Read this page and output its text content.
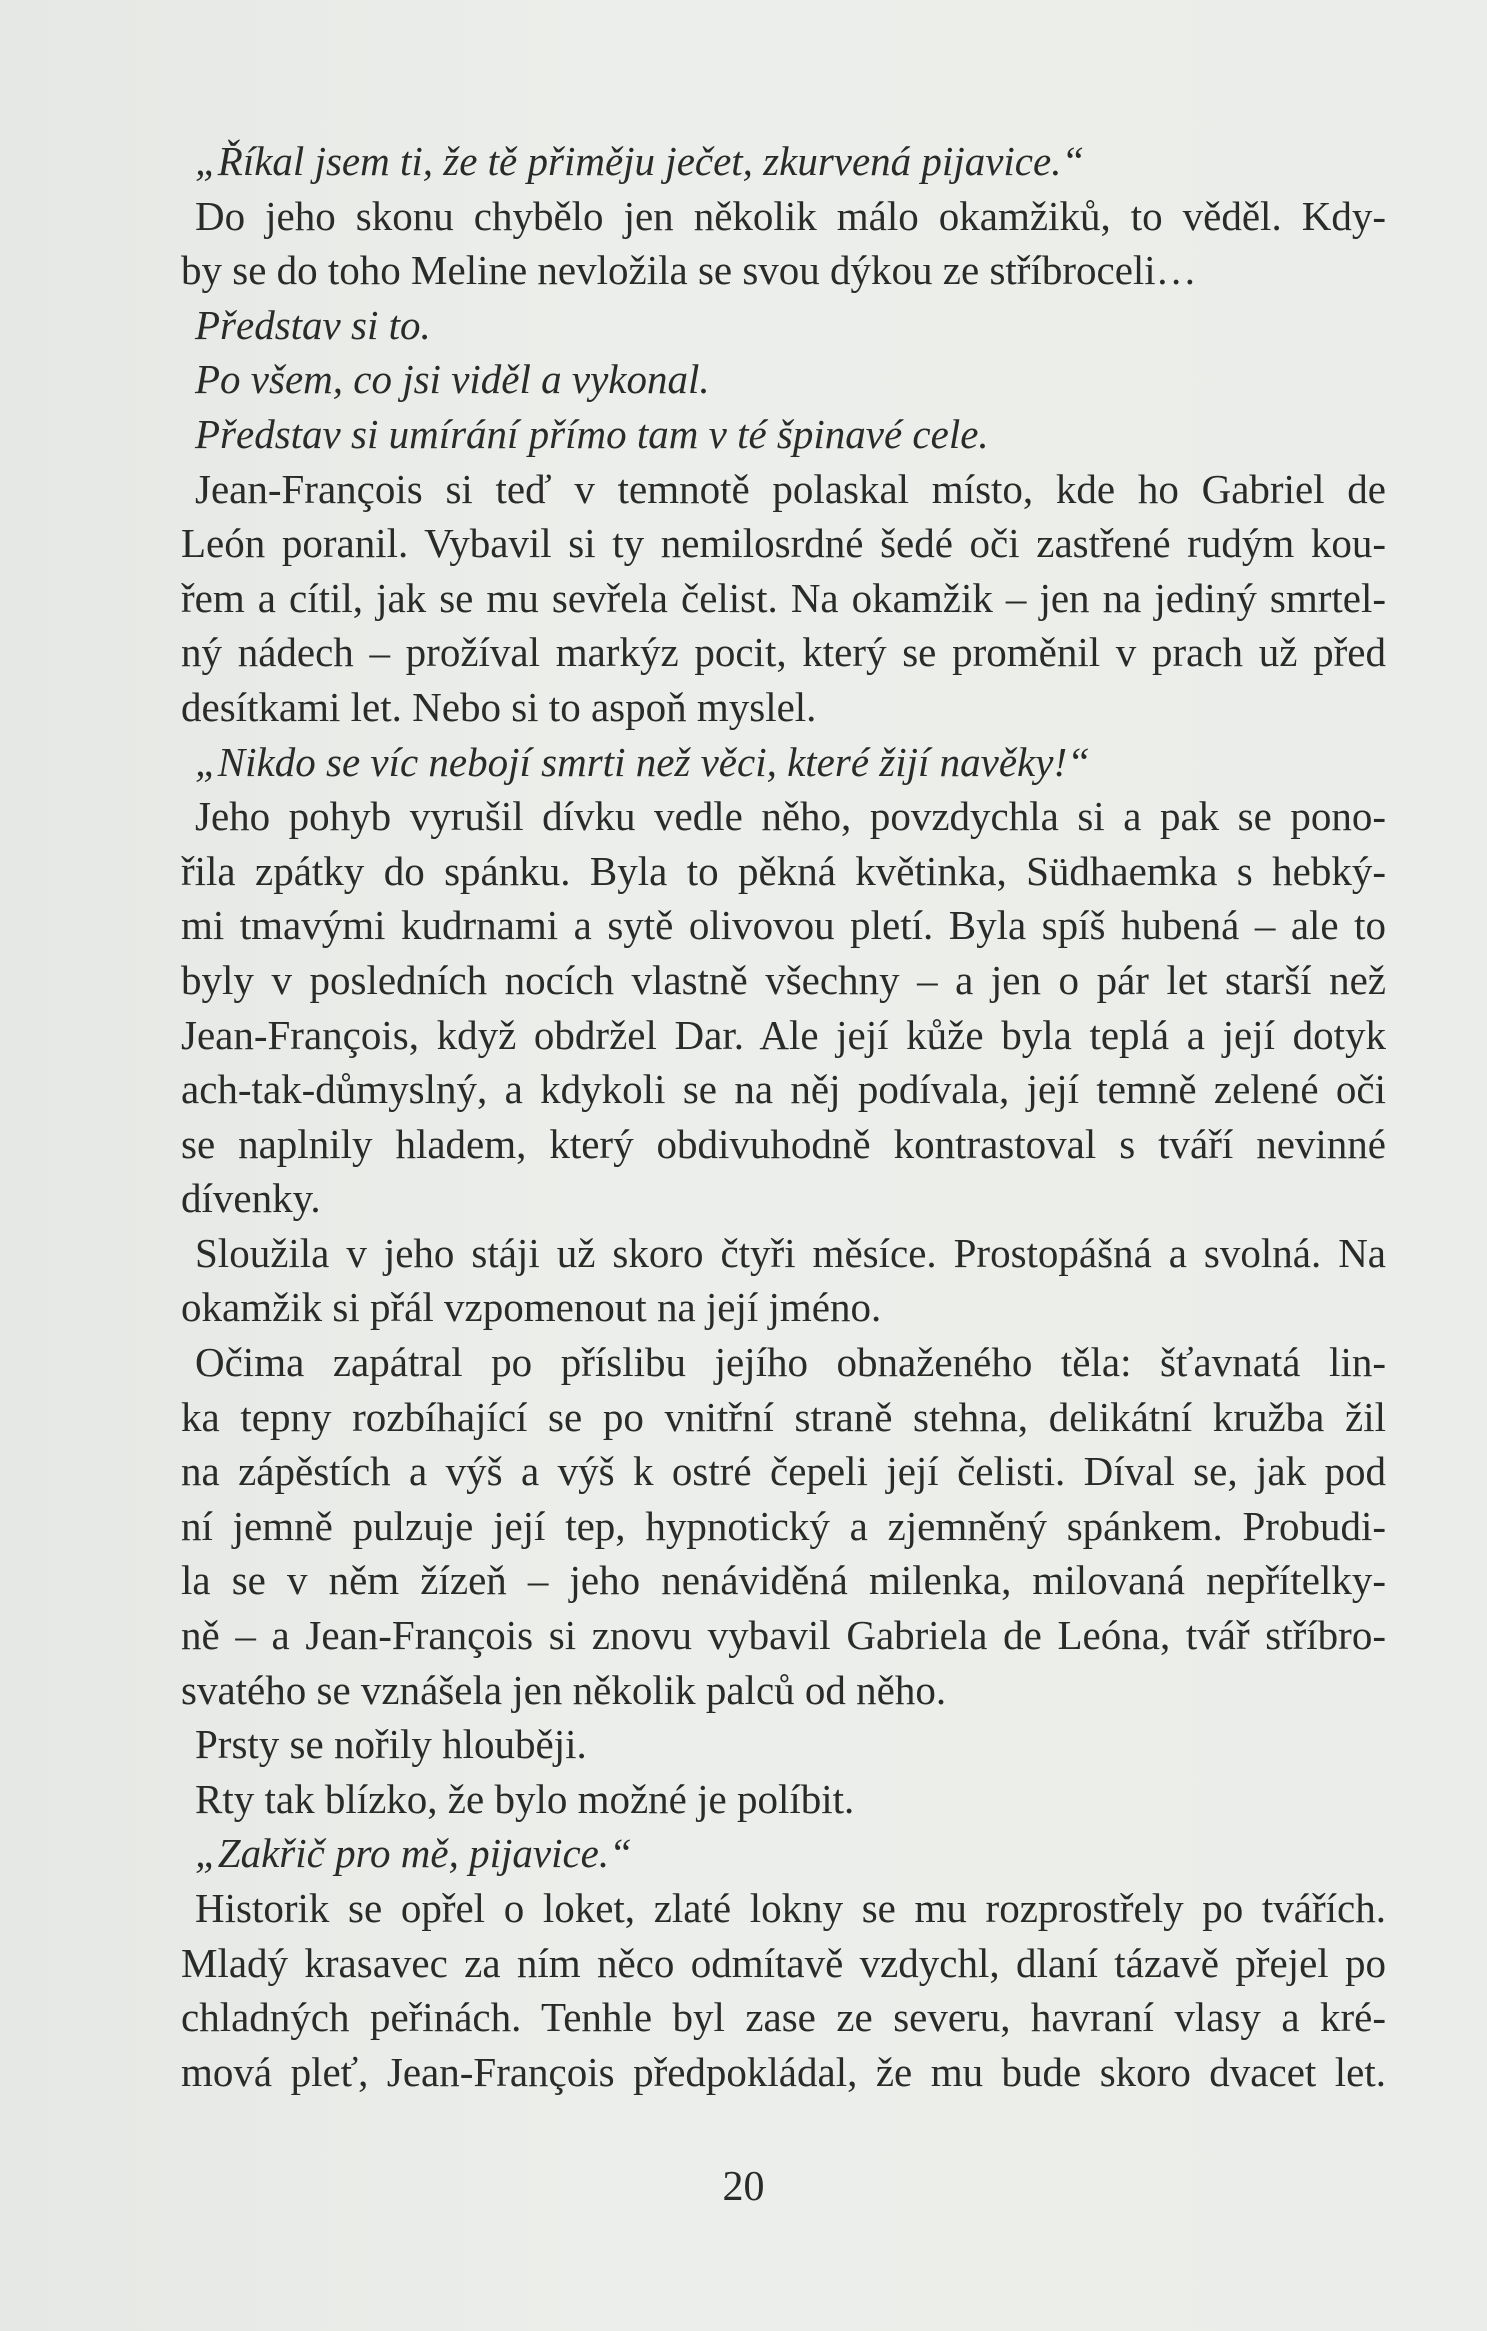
„Říkal jsem ti, že tě přiměju ječet, zkurvená pijavice.“
Do jeho skonu chybělo jen několik málo okamžiků, to věděl. Kdy-
by se do toho Meline nevložila se svou dýkou ze stříbroceli…
Představ si to.
Po všem, co jsi viděl a vykonal.
Představ si umírání přímo tam v té špinavé cele.
Jean-François si teď v temnotě polaskal místo, kde ho Gabriel de
León poranil. Vybavil si ty nemilosrdné šedé oči zastřené rudým kou-
řem a cítil, jak se mu sevřela čelist. Na okamžik – jen na jediný smrtel-
ný nádech – prožíval markýz pocit, který se proměnil v prach už před
desítkami let. Nebo si to aspoň myslel.
„Nikdo se víc nebojí smrti než věci, které žijí navěky!“
Jeho pohyb vyrušil dívku vedle něho, povzdychla si a pak se pono-
řila zpátky do spánku. Byla to pěkná květinka, Südhaemka s hebký-
mi tmavými kudrnami a sytě olivovou pletí. Byla spíš hubená – ale to
byly v posledních nocích vlastně všechny – a jen o pár let starší než
Jean-François, když obdržel Dar. Ale její kůže byla teplá a její dotyk
ach-tak-důmyslný, a kdykoli se na něj podívala, její temně zelené oči
se naplnily hladem, který obdivuhodně kontrastoval s tváří nevinné
dívenky.
Sloužila v jeho stáji už skoro čtyři měsíce. Prostopášná a svolná. Na
okamžik si přál vzpomenout na její jméno.
Očima zapátral po příslibu jejího obnaženého těla: šťavnatá lin-
ka tepny rozbíhající se po vnitřní straně stehna, delikátní kružba žil
na zápěstích a výš a výš k ostré čepeli její čelisti. Díval se, jak pod
ní jemně pulzuje její tep, hypnotický a zjemněný spánkem. Probudi-
la se v něm žízeň – jeho nenáviděná milenka, milovaná nepřítelky-
ně – a Jean-François si znovu vybavil Gabriela de Leóna, tvář stříbro-
svatého se vznášela jen několik palců od něho.
Prsty se nořily hlouběji.
Rty tak blízko, že bylo možné je políbit.
„Zakřič pro mě, pijavice.“
Historik se opřel o loket, zlaté lokny se mu rozprostřely po tvářích.
Mladý krasavec za ním něco odmítavě vzdychl, dlaní tázavě přejel po
chladných peřinách. Tenhle byl zase ze severu, havraní vlasy a kré-
mová pleť, Jean-François předpokládal, že mu bude skoro dvacet let.
20
